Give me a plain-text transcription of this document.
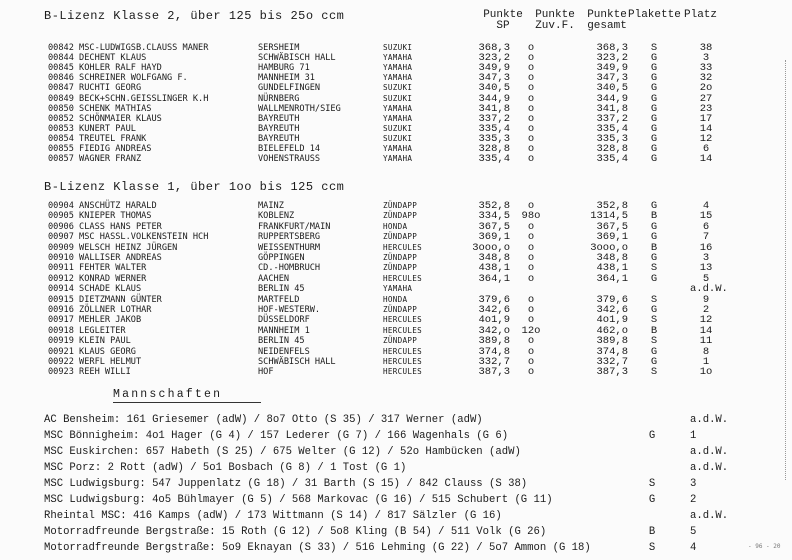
B-Lizenz Klasse 2, über 125 bis 25o ccm	Punkte
SP
Punkte
Zuv.F.
Punkte
gesamt
Plakette Platz
00842 MSC-LUDWIGSB.CLAUSS MANER	SERSHEIM	SUZUKI	368,3	o	368,3	S	38
00844 DECHENT KLAUS	SCHWÄBISCH HALL	YAMAHA	323,2	o	323,2	G	3
00845 KOHLER RALF HAYD	HAMBURG 71	YAMAHA	349,9	o	349,9	G	33
00846 SCHREINER WOLFGANG F.	MANNHEIM 31	YAMAHA	347,3	o	347,3	G	32
00847 RUCHTI GEORG	GUNDELFINGEN	SUZUKI	340,5	o	340,5	G	2o
00849 BECK+SCHN.GEISSLINGER K.H	NÜRNBERG	SUZUKI	344,9	o	344,9	G	27
00850 SCHENK MATHIAS	WALLMENROTH/SIEG	YAMAHA	341,8	o	341,8	G	23
00852 SCHÖNMAIER KLAUS	BAYREUTH	YAMAHA	337,2	o	337,2	G	17
00853 KUNERT PAUL	BAYREUTH	SUZUKI	335,4	o	335,4	G	14
00854 TREUTEL FRANK	BAYREUTH	SUZUKI	335,3	o	335,3	G	12
00855 FIEDIG ANDREAS	BIELEFELD 14	YAMAHA	328,8	o	328,8	G	6
00857 WAGNER FRANZ	VOHENSTRAUSS	YAMAHA	335,4	o	335,4	G	14
B-Lizenz Klasse 1, über 1oo bis 125 ccm
00904 ANSCHÜTZ HARALD	MAINZ	ZÜNDAPP	352,8	o	352,8	G	4
00905 KNIEPER THOMAS	KOBLENZ	ZÜNDAPP	334,5	98o	1314,5	B	15
00906 CLASS HANS PETER	FRANKFURT/MAIN	HONDA	367,5	o	367,5	G	6
00907 MSC HASSL.VOLKENSTEIN HCH	RUPPERTSBERG	ZÜNDAPP	369,1	o	369,1	G	7
00909 WELSCH HEINZ JÜRGEN	WEISSENTHURM	HERCULES	3ooo,o	o	3ooo,o	B	16
00910 WALLISER ANDREAS	GÖPPINGEN	ZÜNDAPP	348,8	o	348,8	G	3
00911 FEHTER WALTER	CD.-HOMBRUCH	ZÜNDAPP	438,1	o	438,1	S	13
00912 KONRAD WERNER	AACHEN	HERCULES	364,1	o	364,1	G	5
00914 SCHADE KLAUS	BERLIN 45	YAMAHA	a.d.W.
00915 DIETZMANN GÜNTER	MARTFELD	HONDA	379,6	o	379,6	S	9
00916 ZÖLLNER LOTHAR	HOF-WESTERW.	ZÜNDAPP	342,6	o	342,6	G	2
00917 MEHLER JAKOB	DÜSSELDORF	HERCULES	4o1,9	o	4o1,9	S	12
00918 LEGLEITER	MANNHEIM 1	HERCULES	342,o	12o	462,o	B	14
00919 KLEIN PAUL	BERLIN 45	ZÜNDAPP	389,8	o	389,8	S	11
00921 KLAUS GEORG	NEIDENFELS	HERCULES	374,8	o	374,8	G	8
00922 WERFL HELMUT	SCHWÄBISCH HALL	HERCULES	332,7	o	332,7	G	1
00923 REEH WILLI	HOF	HERCULES	387,3	o	387,3	S	1o
Mannschaften
AC Bensheim: 161 Griesemer (adW) / 8o7 Otto (S 35) / 317 Werner (adW)	a.d.W.
MSC Bönnigheim: 4o1 Hager (G 4) / 157 Lederer (G 7) / 166 Wagenhals (G 6)	G	1
MSC Euskirchen: 657 Habeth (S 25) / 675 Welter (G 12) / 52o Hambücken (adW)	a.d.W.
MSC Porz: 2 Rott (adW) / 5o1 Bosbach (G 8) / 1 Tost (G 1)	a.d.W.
MSC Ludwigsburg: 547 Juppenlatz (G 18) / 31 Barth (S 15) / 842 Clauss (S 38)	S	3
MSC Ludwigsburg: 4o5 Bühlmayer (G 5) / 568 Markovac (G 16) / 515 Schubert (G 11)	G	2
Rheintal MSC: 416 Kamps (adW) / 173 Wittmann (S 14) / 817 Sälzler (G 16)	a.d.W.
Motorradfreunde Bergstraße: 15 Roth (G 12) / 5o8 Kling (B 54) / 511 Volk (G 26)	B	5
Motorradfreunde Bergstraße: 5o9 Eknayan (S 33) / 516 Lehming (G 22) / 5o7 Ammon (G 18)	S	4	- 96 - 20
